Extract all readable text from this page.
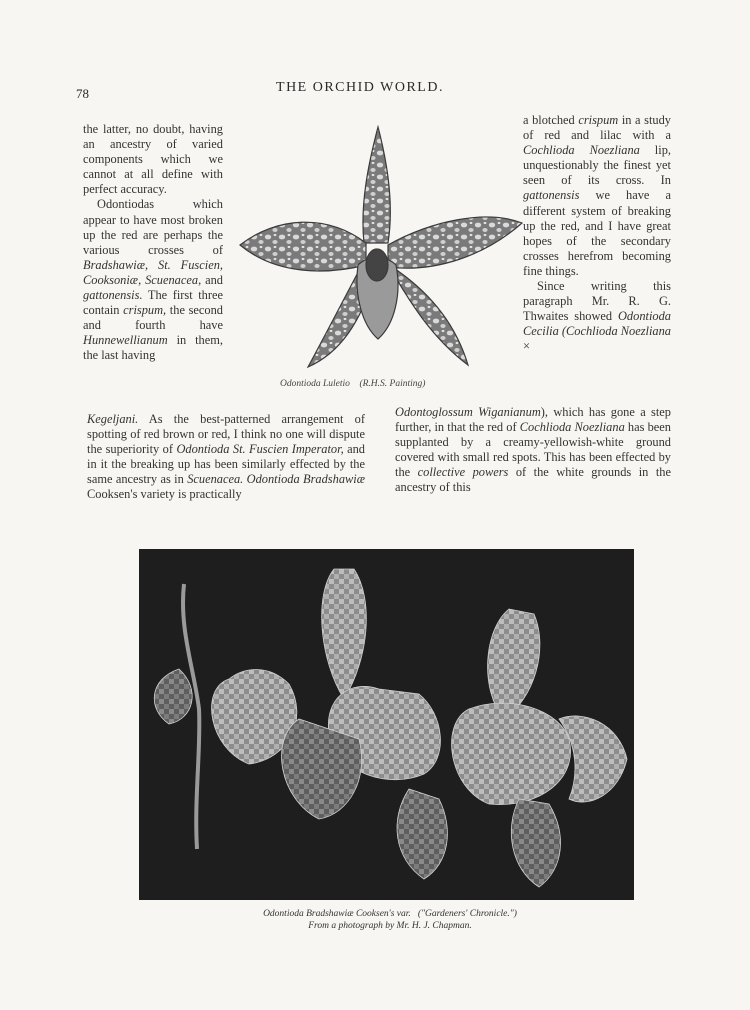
78	THE ORCHID WORLD.

the latter, no doubt, having an ancestry of varied components which we cannot at all define with perfect accuracy.

Odontiodas which appear to have most broken up the red are perhaps the various crosses of Bradshawiæ, St. Fuscien, Cooksoniæ, Scuenacea, and gattonensis. The first three contain crispum, the second and fourth have Hunnewellianum in them, the last having

a blotched crispum in a study of red and lilac with a Cochlioda Noezliana lip, unquestionably the finest yet seen of its cross. In gattonensis we have a different system of breaking up the red, and I have great hopes of the secondary crosses herefrom becoming fine things.

Since writing this paragraph Mr. R. G. Thwaites showed Odontioda Cecilia (Cochlioda Noezliana ×

Kegeljani. As the best-patterned arrangement of spotting of red brown or red, I think no one will dispute the superiority of Odontioda St. Fuscien Imperator, and in it the breaking up has been similarly effected by the same ancestry as in Scuenacea. Odontioda Bradshawiæ Cooksen's variety is practically

Odontoglossum Wiganianum), which has gone a step further, in that the red of Cochlioda Noezliana has been supplanted by a creamy-yellowish-white ground covered with small red spots. This has been effected by the collective powers of the white grounds in the ancestry of this

Odontioda Luletio (R.H.S. Painting)
Odontioda Bradshawiæ Cooksen's var. ("Gardeners' Chronicle.")
From a photograph by Mr. H. J. Chapman.
